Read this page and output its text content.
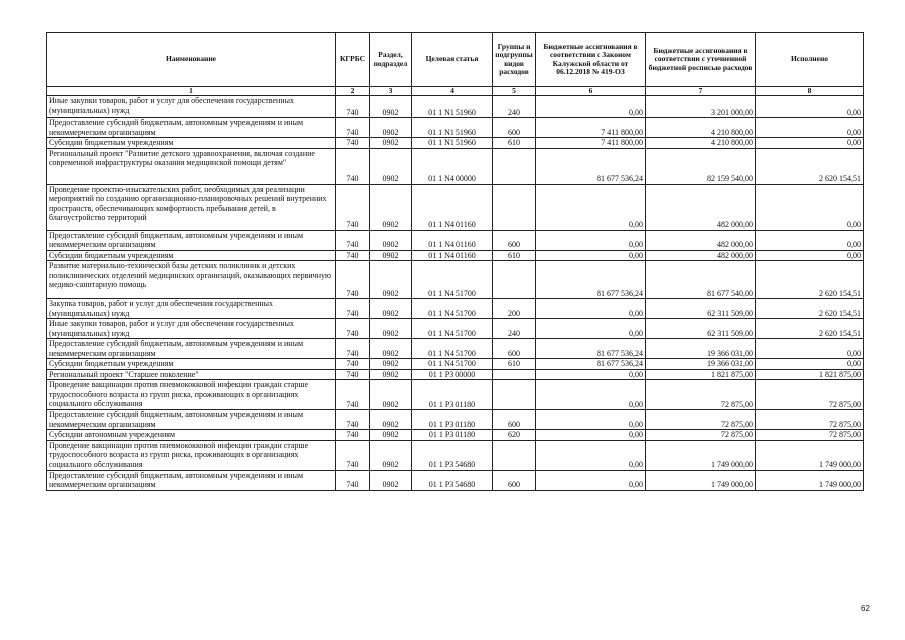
Наименование	КГРБС	Раздел, подраздел	Целевая статья	Группы и подгруппы видов расходов	Бюджетные ассигнования в соответствии с Законом Калужской области от 06.12.2018 № 419-ОЗ	Бюджетные ассигнования в соответствии с уточненной бюджетной росписью расходов	Исполнено
1	2	3	4	5	6	7	8
Иные закупки товаров, работ и услуг для обеспечения государственных (муниципальных) нужд	740	0902	01 1 N1 51960	240	0,00	3 201 000,00	0,00
Предоставление субсидий бюджетным, автономным учреждениям и иным некоммерческим организациям	740	0902	01 1 N1 51960	600	7 411 800,00	4 210 800,00	0,00
Субсидии бюджетным учреждениям	740	0902	01 1 N1 51960	610	7 411 800,00	4 210 800,00	0,00
Региональный проект "Развитие детского здравоохранения, включая создание современной инфраструктуры оказания медицинской помощи детям"	740	0902	01 1 N4 00000		81 677 536,24	82 159 540,00	2 620 154,51
Проведение проектно-изыскательских работ, необходимых для реализации мероприятий по созданию организационно-планировочных решений внутренних пространств, обеспечивающих комфортность пребывания детей, в благоустройство территорий	740	0902	01 1 N4 01160		0,00	482 000,00	0,00
Предоставление субсидий бюджетным, автономным учреждениям и иным некоммерческим организациям	740	0902	01 1 N4 01160	600	0,00	482 000,00	0,00
Субсидии бюджетным учреждениям	740	0902	01 1 N4 01160	610	0,00	482 000,00	0,00
Развитие материально-технической базы детских поликлиник и детских поликлинических отделений медицинских организаций, оказывающих первичную медико-санитарную помощь	740	0902	01 1 N4 51700		81 677 536,24	81 677 540,00	2 620 154,51
Закупка товаров, работ и услуг для обеспечения государственных (муниципальных) нужд	740	0902	01 1 N4 51700	200	0,00	62 311 509,00	2 620 154,51
Иные закупки товаров, работ и услуг для обеспечения государственных (муниципальных) нужд	740	0902	01 1 N4 51700	240	0,00	62 311 509,00	2 620 154,51
Предоставление субсидий бюджетным, автономным учреждениям и иным некоммерческим организациям	740	0902	01 1 N4 51700	600	81 677 536,24	19 366 031,00	0,00
Субсидии бюджетным учреждениям	740	0902	01 1 N4 51700	610	81 677 536,24	19 366 031,00	0,00
Региональный проект "Старшее поколение"	740	0902	01 1 P3 00000		0,00	1 821 875,00	1 821 875,00
Проведение вакцинации против пневмококковой инфекции граждан старше трудоспособного возраста из групп риска, проживающих в организациях социального обслуживания	740	0902	01 1 P3 01180		0,00	72 875,00	72 875,00
Предоставление субсидий бюджетным, автономным учреждениям и иным некоммерческим организациям	740	0902	01 1 P3 01180	600	0,00	72 875,00	72 875,00
Субсидии автономным учреждениям	740	0902	01 1 P3 01180	620	0,00	72 875,00	72 875,00
Проведение вакцинации против пневмококковой инфекции граждан старше трудоспособного возраста из групп риска, проживающих в организациях социального обслуживания	740	0902	01 1 P3 54680		0,00	1 749 000,00	1 749 000,00
Предоставление субсидий бюджетным, автономным учреждениям и иным некоммерческим организациям	740	0902	01 1 P3 54680	600	0,00	1 749 000,00	1 749 000,00
62
